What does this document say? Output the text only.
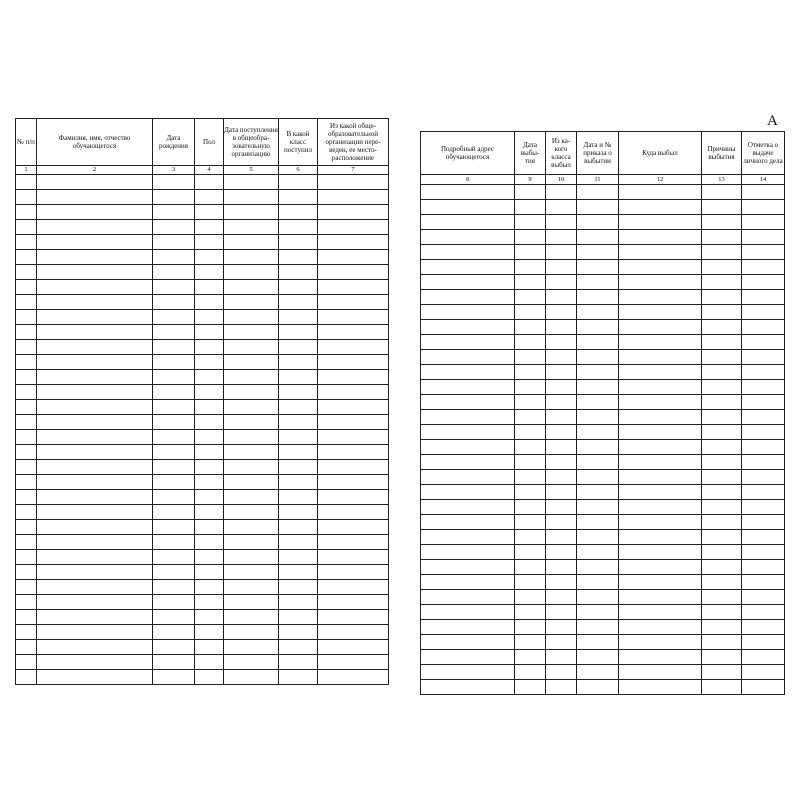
А
№ п/п	Фамилия, имя, отчество обучающегося	Дата рождения	Пол	Дата поступления в общеобра- зовательную организацию	В какой класс поступил	Из какой обще- образовательной организации пере- веден, ее место- расположение
1	2	3	4	5	6	7

Подробный адрес обучающегося	Дата выбы- тия	Из ка- кого класса выбыл	Дата и № приказа о выбытии	Куда выбыл	Причины выбытия	Отметка о выдаче личного дела
8	9	10	11	12	13	14
